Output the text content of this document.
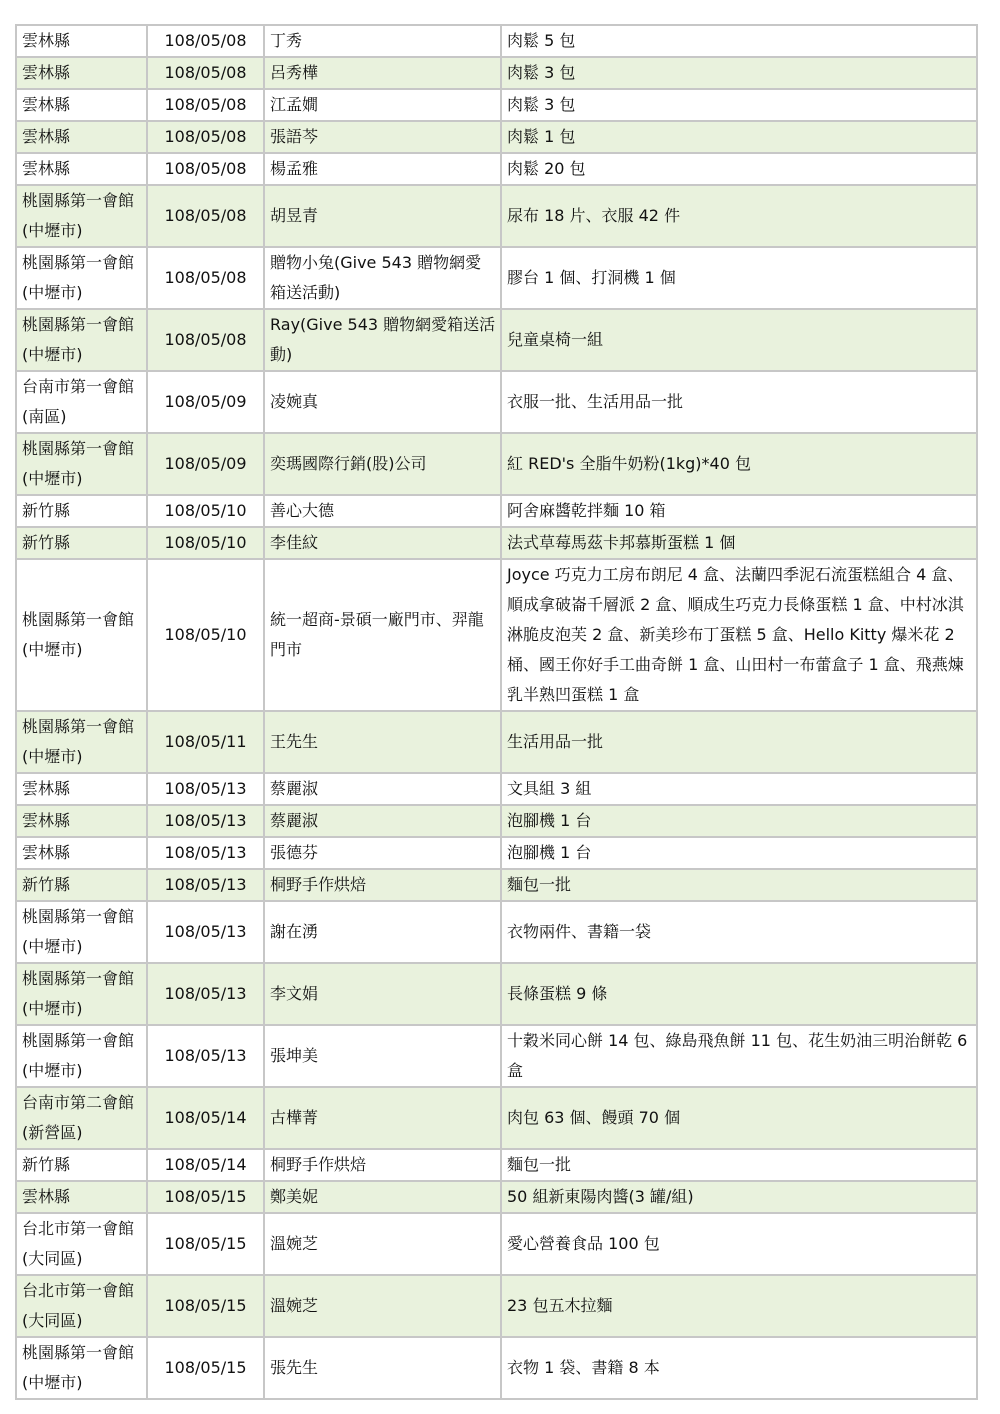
雲林縣	108/05/08	丁秀	肉鬆 5 包
雲林縣	108/05/08	呂秀樺	肉鬆 3 包
雲林縣	108/05/08	江孟嫺	肉鬆 3 包
雲林縣	108/05/08	張語芩	肉鬆 1 包
雲林縣	108/05/08	楊孟雅	肉鬆 20 包
桃園縣第一會館(中壢市)	108/05/08	胡昱青	尿布 18 片、衣服 42 件
桃園縣第一會館(中壢市)	108/05/08	贈物小兔(Give 543 贈物網愛箱送活動)	膠台 1 個、打洞機 1 個
桃園縣第一會館(中壢市)	108/05/08	Ray(Give 543 贈物網愛箱送活動)	兒童桌椅一組
台南市第一會館(南區)	108/05/09	凌婉真	衣服一批、生活用品一批
桃園縣第一會館(中壢市)	108/05/09	奕瑪國際行銷(股)公司	紅 RED's 全脂牛奶粉(1kg)*40 包
新竹縣	108/05/10	善心大德	阿舍麻醬乾拌麵 10 箱
新竹縣	108/05/10	李佳紋	法式草莓馬茲卡邦慕斯蛋糕 1 個
桃園縣第一會館(中壢市)	108/05/10	統一超商-景碩一廠門市、羿龍門市	Joyce 巧克力工房布朗尼 4 盒、法蘭四季泥石流蛋糕組合 4 盒、順成拿破崙千層派 2 盒、順成生巧克力長條蛋糕 1 盒、中村冰淇淋脆皮泡芙 2 盒、新美珍布丁蛋糕 5 盒、Hello Kitty 爆米花 2 桶、國王你好手工曲奇餅 1 盒、山田村一布蕾盒子 1 盒、飛燕煉乳半熟凹蛋糕 1 盒
桃園縣第一會館(中壢市)	108/05/11	王先生	生活用品一批
雲林縣	108/05/13	蔡麗淑	文具組 3 組
雲林縣	108/05/13	蔡麗淑	泡腳機 1 台
雲林縣	108/05/13	張德芬	泡腳機 1 台
新竹縣	108/05/13	桐野手作烘焙	麵包一批
桃園縣第一會館(中壢市)	108/05/13	謝在湧	衣物兩件、書籍一袋
桃園縣第一會館(中壢市)	108/05/13	李文娟	長條蛋糕 9 條
桃園縣第一會館(中壢市)	108/05/13	張坤美	十穀米同心餅 14 包、綠島飛魚餅 11 包、花生奶油三明治餅乾 6 盒
台南市第二會館(新營區)	108/05/14	古樺菁	肉包 63 個、饅頭 70 個
新竹縣	108/05/14	桐野手作烘焙	麵包一批
雲林縣	108/05/15	鄭美妮	50 組新東陽肉醬(3 罐/組)
台北市第一會館(大同區)	108/05/15	溫婉芝	愛心營養食品 100 包
台北市第一會館(大同區)	108/05/15	溫婉芝	23 包五木拉麵
桃園縣第一會館(中壢市)	108/05/15	張先生	衣物 1 袋、書籍 8 本
